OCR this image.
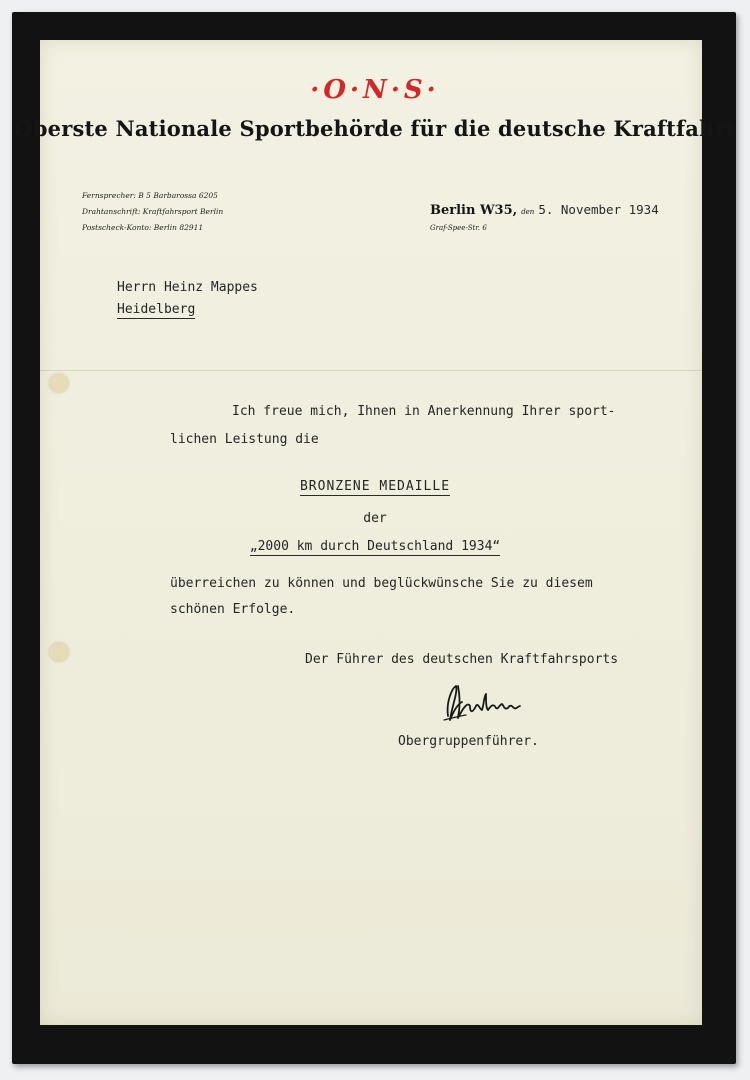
·O·N·S·
Oberste Nationale Sportbehörde für die deutsche Kraftfahrt
Fernsprecher: B 5 Barbarossa 6205
Drahtanschrift: Kraftfahrsport Berlin
Postscheck-Konto: Berlin 82911
Berlin W35, den 5. November 1934
Graf-Spee-Str. 6
Herrn Heinz Mappes
Heidelberg
Ich freue mich, Ihnen in Anerkennung Ihrer sport-
lichen Leistung die
BRONZENE MEDAILLE
der
„2000 km durch Deutschland 1934“
überreichen zu können und beglückwünsche Sie zu diesem
schönen Erfolge.
Der Führer des deutschen Kraftfahrsports
Obergruppenführer.
